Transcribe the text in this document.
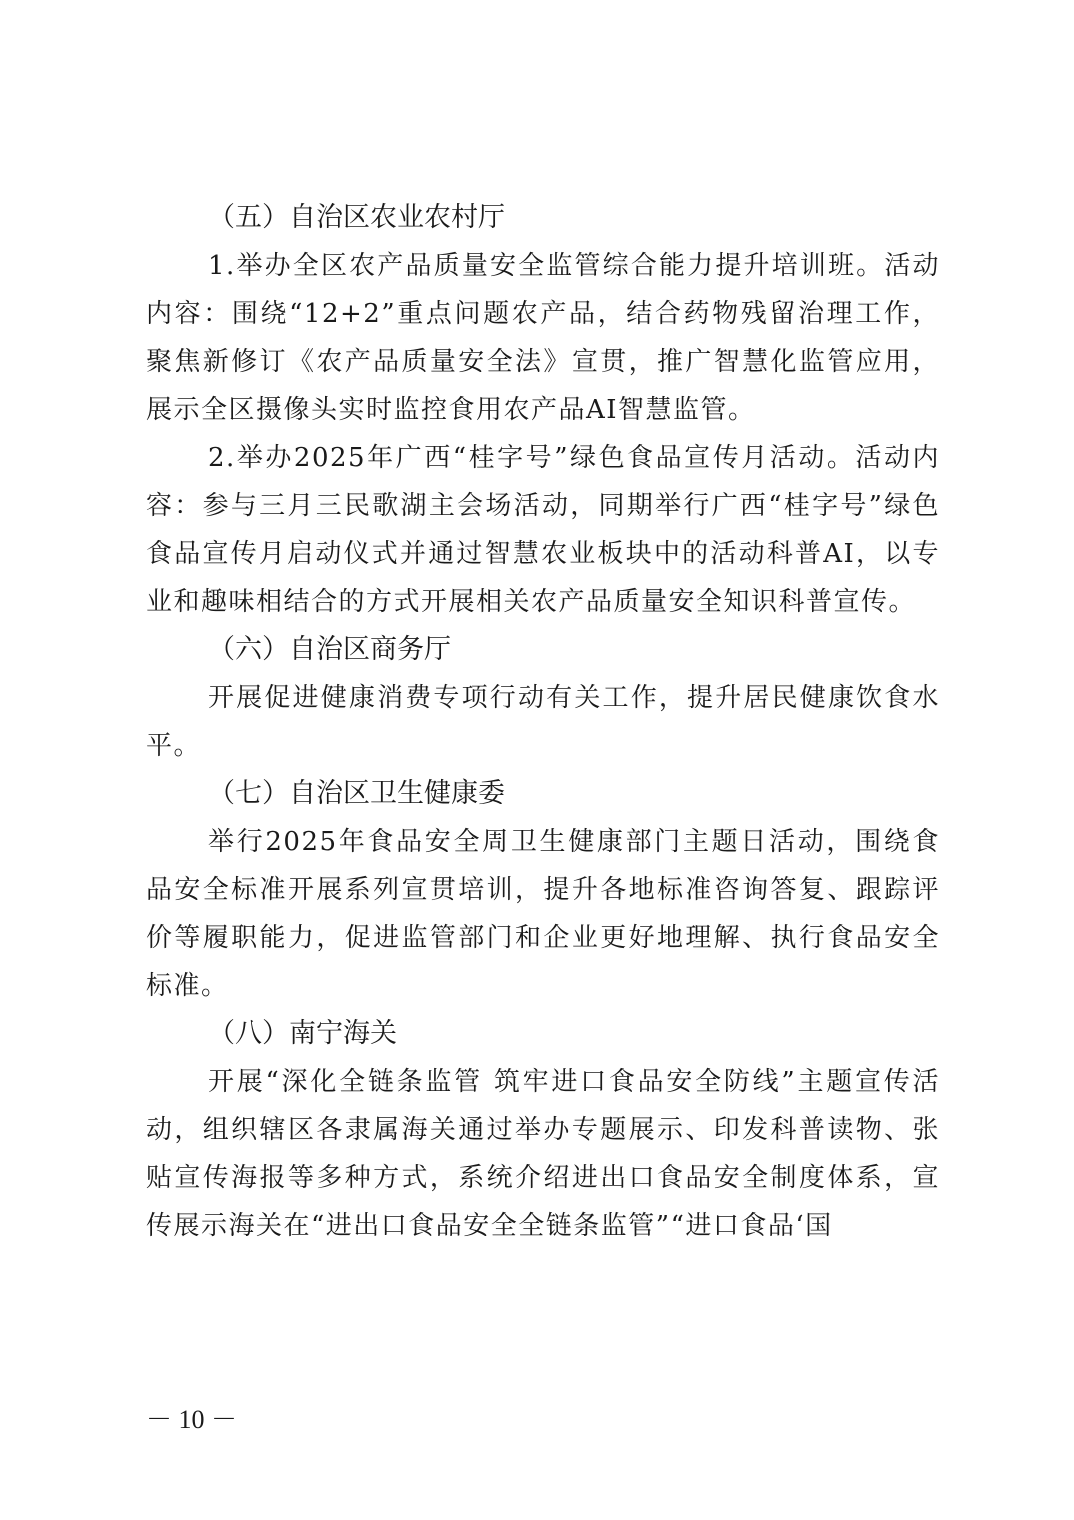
（五）自治区农业农村厅
1.举办全区农产品质量安全监管综合能力提升培训班。活动内容：围绕“12+2”重点问题农产品，结合药物残留治理工作，聚焦新修订《农产品质量安全法》宣贯，推广智慧化监管应用，展示全区摄像头实时监控食用农产品AI智慧监管。
2.举办2025年广西“桂字号”绿色食品宣传月活动。活动内容：参与三月三民歌湖主会场活动，同期举行广西“桂字号”绿色食品宣传月启动仪式并通过智慧农业板块中的活动科普AI，以专业和趣味相结合的方式开展相关农产品质量安全知识科普宣传。
（六）自治区商务厅
开展促进健康消费专项行动有关工作，提升居民健康饮食水平。
（七）自治区卫生健康委
举行2025年食品安全周卫生健康部门主题日活动，围绕食品安全标准开展系列宣贯培训，提升各地标准咨询答复、跟踪评价等履职能力，促进监管部门和企业更好地理解、执行食品安全标准。
（八）南宁海关
开展“深化全链条监管 筑牢进口食品安全防线”主题宣传活动，组织辖区各隶属海关通过举办专题展示、印发科普读物、张贴宣传海报等多种方式，系统介绍进出口食品安全制度体系，宣传展示海关在“进出口食品安全全链条监管”“进口食品‘国
－ 10 －
